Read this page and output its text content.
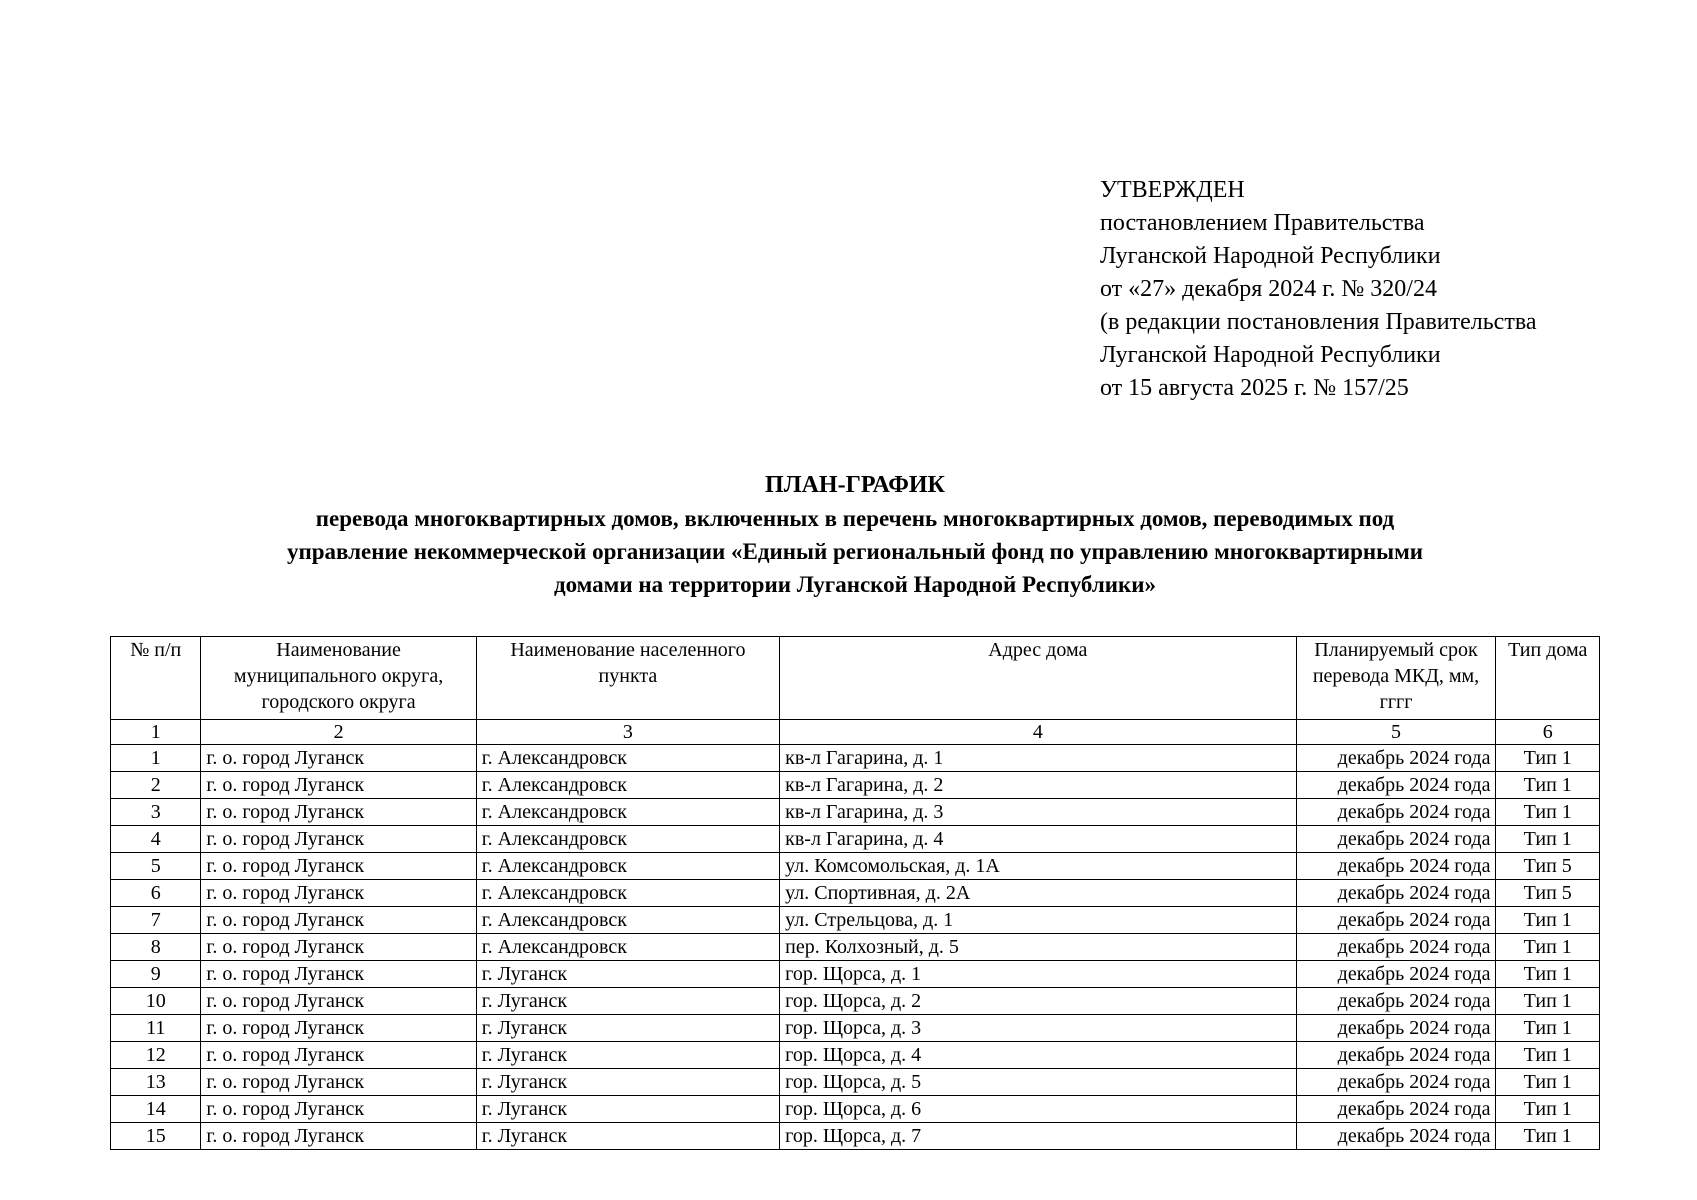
УТВЕРЖДЕН
постановлением Правительства
Луганской Народной Республики
от «27» декабря 2024 г. № 320/24
(в редакции постановления Правительства
Луганской Народной Республики
от 15 августа 2025 г. № 157/25
ПЛАН-ГРАФИК
перевода многоквартирных домов, включенных в перечень многоквартирных домов, переводимых под
управление некоммерческой организации «Единый региональный фонд по управлению многоквартирными
домами на территории Луганской Народной Республики»
№ п/п	Наименование муниципального округа, городского округа	Наименование населенного пункта	Адрес дома	Планируемый срок перевода МКД, мм, гггг	Тип дома
1	2	3	4	5	6
1	г. о. город Луганск	г. Александровск	кв-л Гагарина, д. 1	декабрь 2024 года	Тип 1
2	г. о. город Луганск	г. Александровск	кв-л Гагарина, д. 2	декабрь 2024 года	Тип 1
3	г. о. город Луганск	г. Александровск	кв-л Гагарина, д. 3	декабрь 2024 года	Тип 1
4	г. о. город Луганск	г. Александровск	кв-л Гагарина, д. 4	декабрь 2024 года	Тип 1
5	г. о. город Луганск	г. Александровск	ул. Комсомольская, д. 1А	декабрь 2024 года	Тип 5
6	г. о. город Луганск	г. Александровск	ул. Спортивная, д. 2А	декабрь 2024 года	Тип 5
7	г. о. город Луганск	г. Александровск	ул. Стрельцова, д. 1	декабрь 2024 года	Тип 1
8	г. о. город Луганск	г. Александровск	пер. Колхозный, д. 5	декабрь 2024 года	Тип 1
9	г. о. город Луганск	г. Луганск	гор. Щорса, д. 1	декабрь 2024 года	Тип 1
10	г. о. город Луганск	г. Луганск	гор. Щорса, д. 2	декабрь 2024 года	Тип 1
11	г. о. город Луганск	г. Луганск	гор. Щорса, д. 3	декабрь 2024 года	Тип 1
12	г. о. город Луганск	г. Луганск	гор. Щорса, д. 4	декабрь 2024 года	Тип 1
13	г. о. город Луганск	г. Луганск	гор. Щорса, д. 5	декабрь 2024 года	Тип 1
14	г. о. город Луганск	г. Луганск	гор. Щорса, д. 6	декабрь 2024 года	Тип 1
15	г. о. город Луганск	г. Луганск	гор. Щорса, д. 7	декабрь 2024 года	Тип 1
